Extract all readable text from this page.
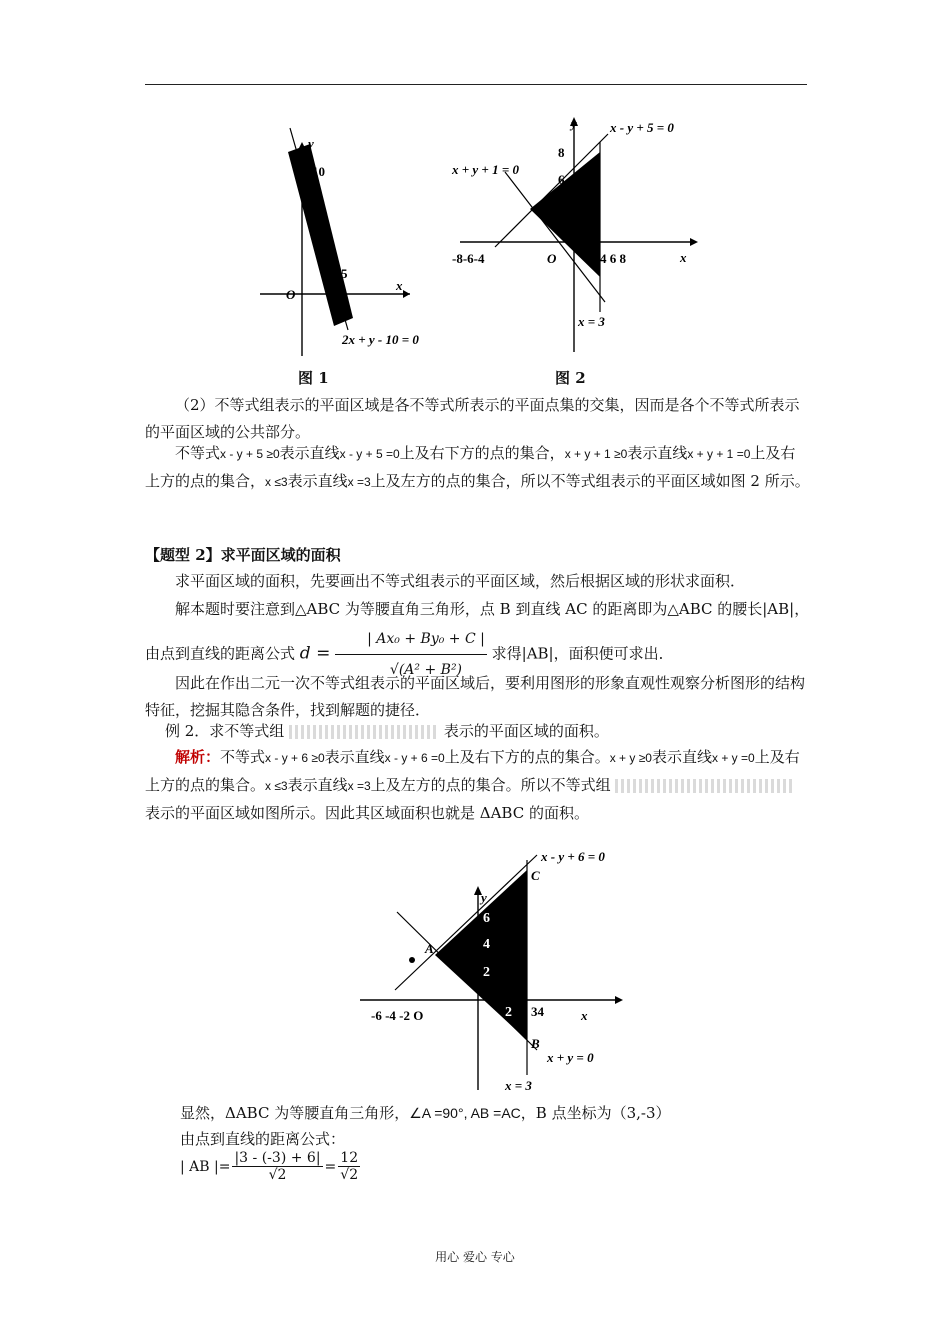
y
10
5
O
x
2x + y - 10 = 0
图 1
y	x - y + 5 = 0
x + y + 1 = 0
8
6
-8-6-4	O	4 6 8	x
x = 3
图 2

（2）不等式组表示的平面区域是各不等式所表示的平面点集的交集，因而是各个不等式所表示的平面区域的公共部分。

不等式x - y + 5 ≥0表示直线x - y + 5 =0上及右下方的点的集合，x + y + 1 ≥0表示直线x + y + 1 =0上及右上方的点的集合，x ≤3表示直线x =3上及左方的点的集合，所以不等式组表示的平面区域如图 2 所示。

【题型 2】求平面区域的面积

求平面区域的面积，先要画出不等式组表示的平面区域，然后根据区域的形状求面积．

解本题时要注意到△ABC 为等腰直角三角形，点 B 到直线 AC 的距离即为△ABC 的腰长|AB|，由点到直线的距离公式 $d = \frac{\text{| Ax₀ + By₀ + C |}}{\text{√(A² + B²)}}$ 求得|AB|，面积便可求出．

因此在作出二元一次不等式组表示的平面区域后，要利用图形的形象直观性观察分析图形的结构特征，挖掘其隐含条件，找到解题的捷径．

例 2．求不等式组	表示的平面区域的面积。

解析：不等式x - y + 6 ≥0表示直线x - y + 6 =0上及右下方的点的集合。x + y ≥0表示直线x + y =0上及右上方的点的集合。x ≤3表示直线x =3上及左方的点的集合。所以不等式组  表示的平面区域如图所示。因此其区域面积也就是 ΔABC 的面积。

x - y + 6 = 0
C
y
6
4
2
A
-6 -4 -2 O	2 34	x
B
x + y = 0
x = 3

显然，ΔABC 为等腰直角三角形，∠A =90°, AB =AC，B 点坐标为（3,-3）

由点到直线的距离公式：

| AB |= $\frac{|3 - (-3) + 6|}{√2} = \frac{12}{√2}$
用心 爱心 专心
